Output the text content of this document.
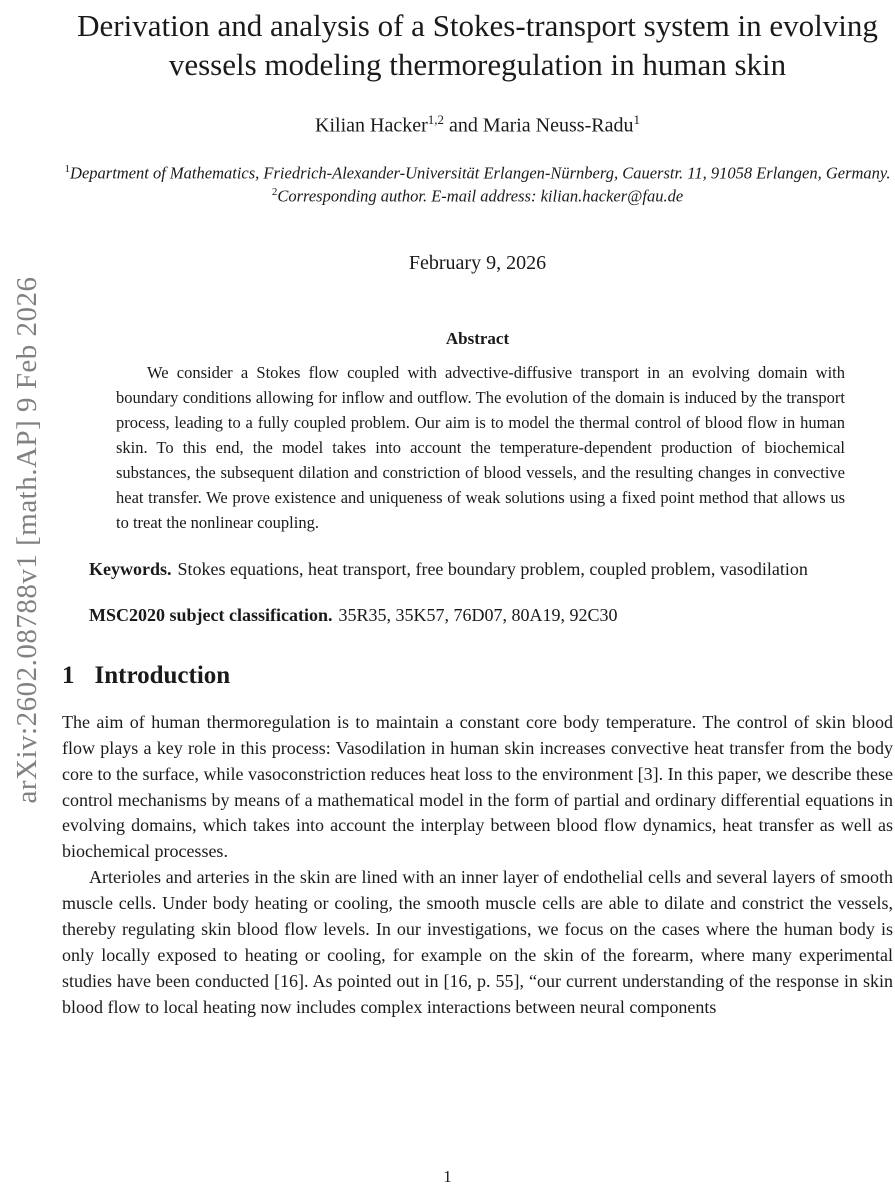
arXiv:2602.08788v1 [math.AP] 9 Feb 2026
Derivation and analysis of a Stokes-transport system in evolving vessels modeling thermoregulation in human skin
Kilian Hacker$^{1,2}$ and Maria Neuss-Radu$^1$
$^1$Department of Mathematics, Friedrich-Alexander-Universität Erlangen-Nürnberg, Cauerstr. 11, 91058 Erlangen, Germany.
$^2$Corresponding author. E-mail address: kilian.hacker@fau.de
February 9, 2026
Abstract

We consider a Stokes flow coupled with advective-diffusive transport in an evolving domain with boundary conditions allowing for inflow and outflow. The evolution of the domain is induced by the transport process, leading to a fully coupled problem. Our aim is to model the thermal control of blood flow in human skin. To this end, the model takes into account the temperature-dependent production of biochemical substances, the subsequent dilation and constriction of blood vessels, and the resulting changes in convective heat transfer. We prove existence and uniqueness of weak solutions using a fixed point method that allows us to treat the nonlinear coupling.

Keywords. Stokes equations, heat transport, free boundary problem, coupled problem, vasodilation

MSC2020 subject classification. 35R35, 35K57, 76D07, 80A19, 92C30

1 Introduction

The aim of human thermoregulation is to maintain a constant core body temperature. The control of skin blood flow plays a key role in this process: Vasodilation in human skin increases convective heat transfer from the body core to the surface, while vasoconstriction reduces heat loss to the environment [3]. In this paper, we describe these control mechanisms by means of a mathematical model in the form of partial and ordinary differential equations in evolving domains, which takes into account the interplay between blood flow dynamics, heat transfer as well as biochemical processes.

Arterioles and arteries in the skin are lined with an inner layer of endothelial cells and several layers of smooth muscle cells. Under body heating or cooling, the smooth muscle cells are able to dilate and constrict the vessels, thereby regulating skin blood flow levels. In our investigations, we focus on the cases where the human body is only locally exposed to heating or cooling, for example on the skin of the forearm, where many experimental studies have been conducted [16]. As pointed out in [16, p. 55], “our current understanding of the response in skin blood flow to local heating now includes complex interactions between neural components

1
